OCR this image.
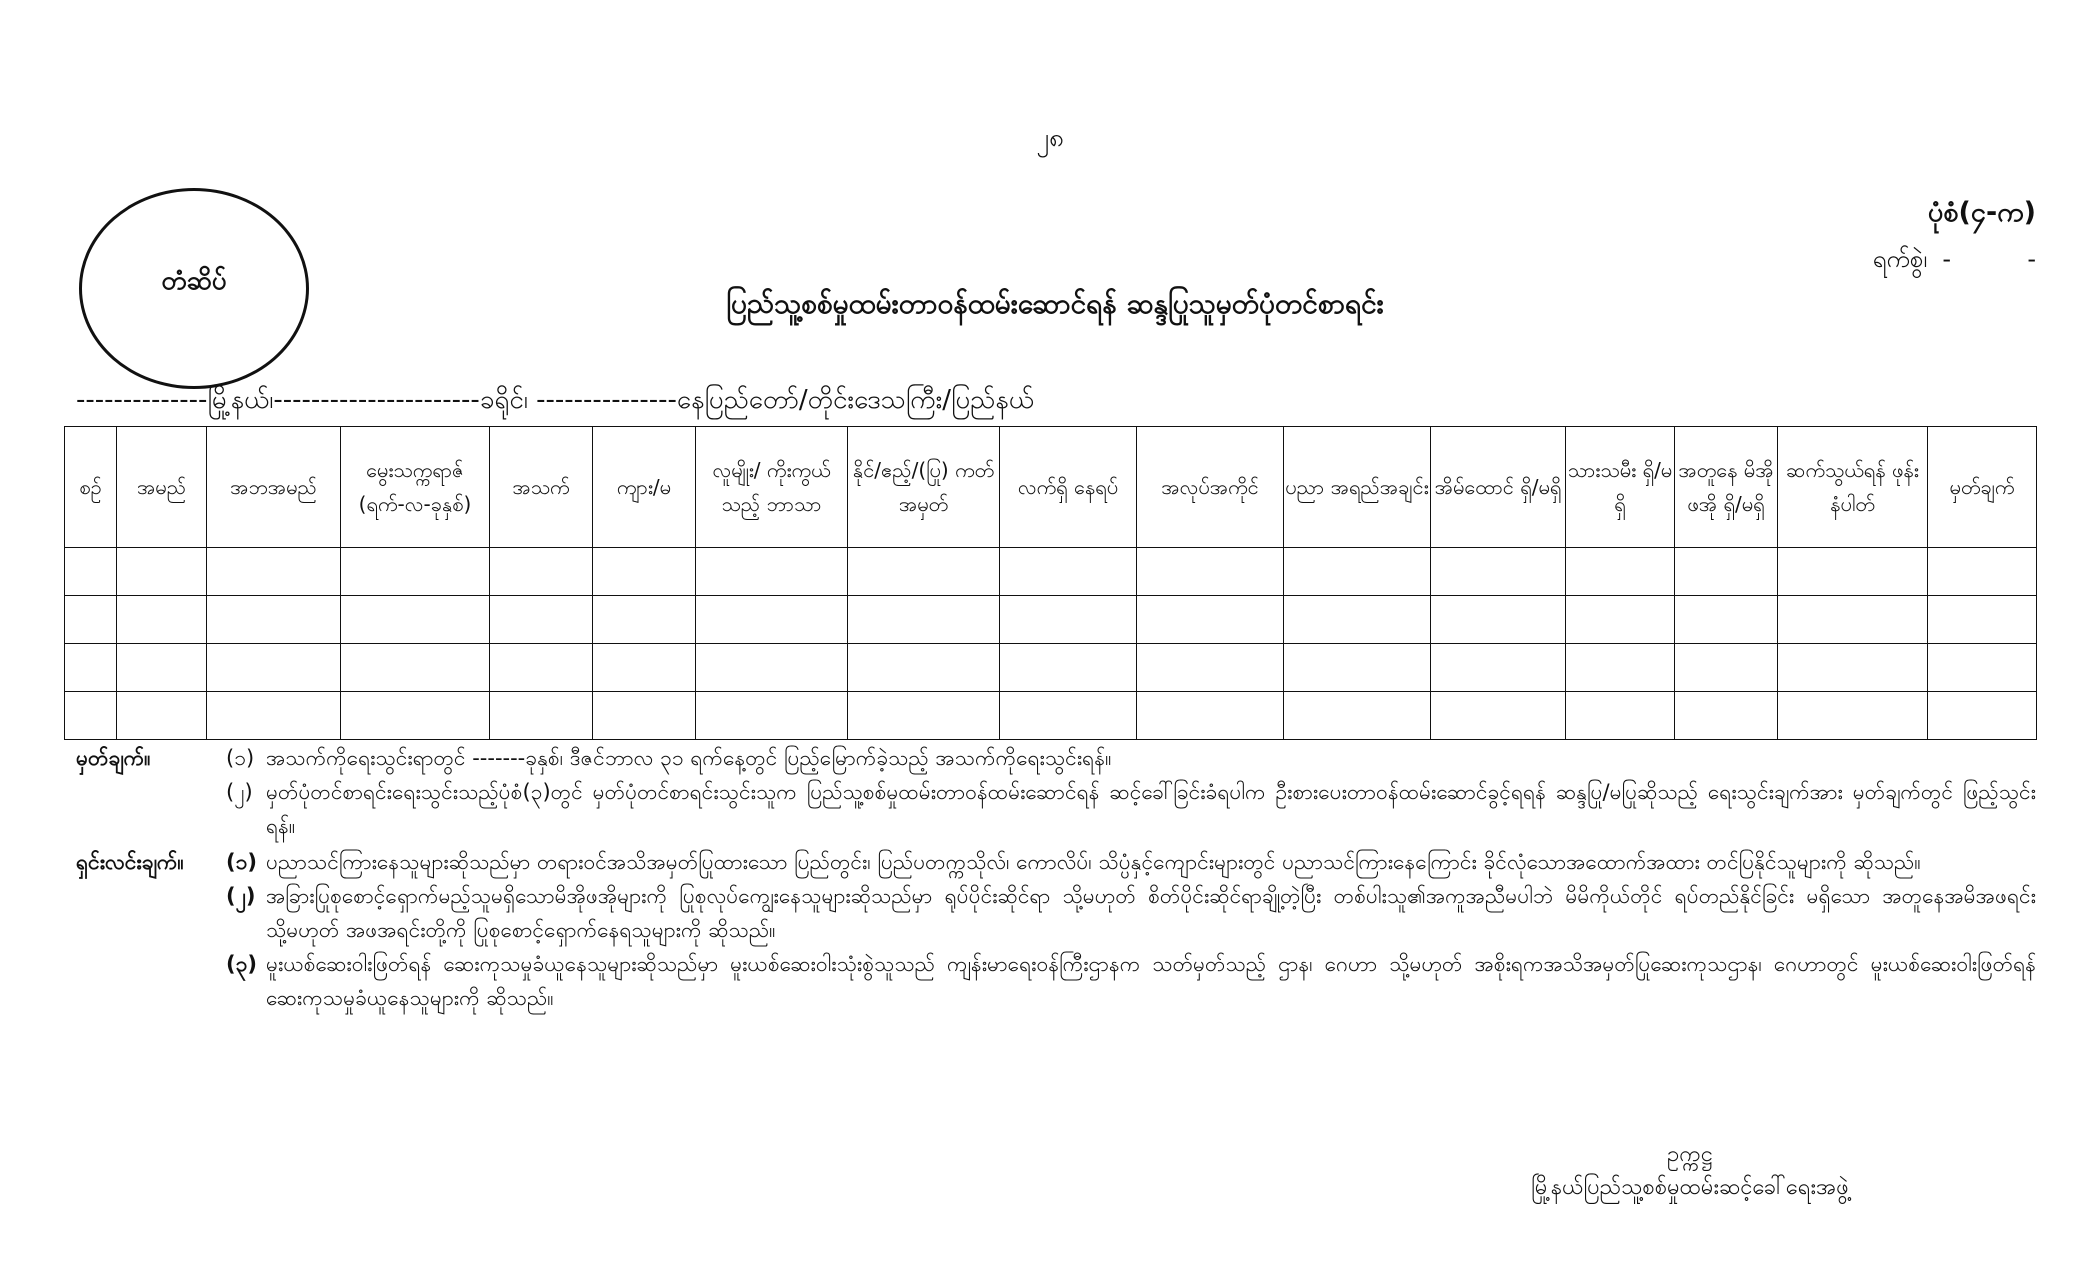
၂၈
ပုံစံ(၄-က)
ရက်စွဲ၊ -          -
တံဆိပ်
ပြည်သူ့စစ်မှုထမ်းတာဝန်ထမ်းဆောင်ရန် ဆန္ဒပြုသူမှတ်ပုံတင်စာရင်း
--------------မြို့နယ်၊----------------------ခရိုင်၊ ---------------နေပြည်တော်/တိုင်းဒေသကြီး/ပြည်နယ်
စဉ်	အမည်	အဘအမည်	မွေးသက္ကရာဇ် (ရက်-လ-ခုနှစ်)	အသက်	ကျား/မ	လူမျိုး/ ကိုးကွယ်သည့် ဘာသာ	နိုင်/ဧည့်/(ပြု) ကတ်အမှတ်	လက်ရှိ နေရပ်	အလုပ်အကိုင်	ပညာ အရည်အချင်း	အိမ်ထောင် ရှိ/မရှိ	သားသမီး ရှိ/မရှိ	အတူနေ မိအိုဖအို ရှိ/မရှိ	ဆက်သွယ်ရန် ဖုန်းနံပါတ်	မှတ်ချက်

မှတ်ချက်။	(၁) အသက်ကိုရေးသွင်းရာတွင် -------ခုနှစ်၊ ဒီဇင်ဘာလ ၃၁ ရက်နေ့တွင် ပြည့်မြောက်ခဲ့သည့် အသက်ကိုရေးသွင်းရန်။
(၂) မှတ်ပုံတင်စာရင်းရေးသွင်းသည့်ပုံစံ(၃)တွင် မှတ်ပုံတင်စာရင်းသွင်းသူက ပြည်သူ့စစ်မှုထမ်းတာဝန်ထမ်းဆောင်ရန် ဆင့်ခေါ်ခြင်းခံရပါက ဦးစားပေးတာဝန်ထမ်းဆောင်ခွင့်ရရန် ဆန္ဒပြု/မပြုဆိုသည့် ရေးသွင်းချက်အား မှတ်ချက်တွင် ဖြည့်သွင်းရန်။
ရှင်းလင်းချက်။	(၁) ပညာသင်ကြားနေသူများဆိုသည်မှာ တရားဝင်အသိအမှတ်ပြုထားသော ပြည်တွင်း၊ ပြည်ပတက္ကသိုလ်၊ ကောလိပ်၊ သိပ္ပံနှင့်ကျောင်းများတွင် ပညာသင်ကြားနေကြောင်း ခိုင်လုံသောအထောက်အထား တင်ပြနိုင်သူများကို ဆိုသည်။
(၂) အခြားပြုစုစောင့်ရှောက်မည့်သူမရှိသောမိအိုဖအိုများကို ပြုစုလုပ်ကျွေးနေသူများဆိုသည်မှာ ရုပ်ပိုင်းဆိုင်ရာ သို့မဟုတ် စိတ်ပိုင်းဆိုင်ရာချို့တဲ့ပြီး တစ်ပါးသူ၏အကူအညီမပါဘဲ မိမိကိုယ်တိုင် ရပ်တည်နိုင်ခြင်း မရှိသော အတူနေအမိအဖရင်း သို့မဟုတ် အဖအရင်းတို့ကို ပြုစုစောင့်ရှောက်နေရသူများကို ဆိုသည်။
(၃) မူးယစ်ဆေးဝါးဖြတ်ရန် ဆေးကုသမှုခံယူနေသူများဆိုသည်မှာ မူးယစ်ဆေးဝါးသုံးစွဲသူသည် ကျန်းမာရေးဝန်ကြီးဌာနက သတ်မှတ်သည့် ဌာန၊ ဂေဟာ သို့မဟုတ် အစိုးရကအသိအမှတ်ပြုဆေးကုသဌာန၊ ဂေဟာတွင် မူးယစ်ဆေးဝါးဖြတ်ရန် ဆေးကုသမှုခံယူနေသူများကို ဆိုသည်။
ဥက္ကဋ္ဌ
မြို့နယ်ပြည်သူ့စစ်မှုထမ်းဆင့်ခေါ်ရေးအဖွဲ့
